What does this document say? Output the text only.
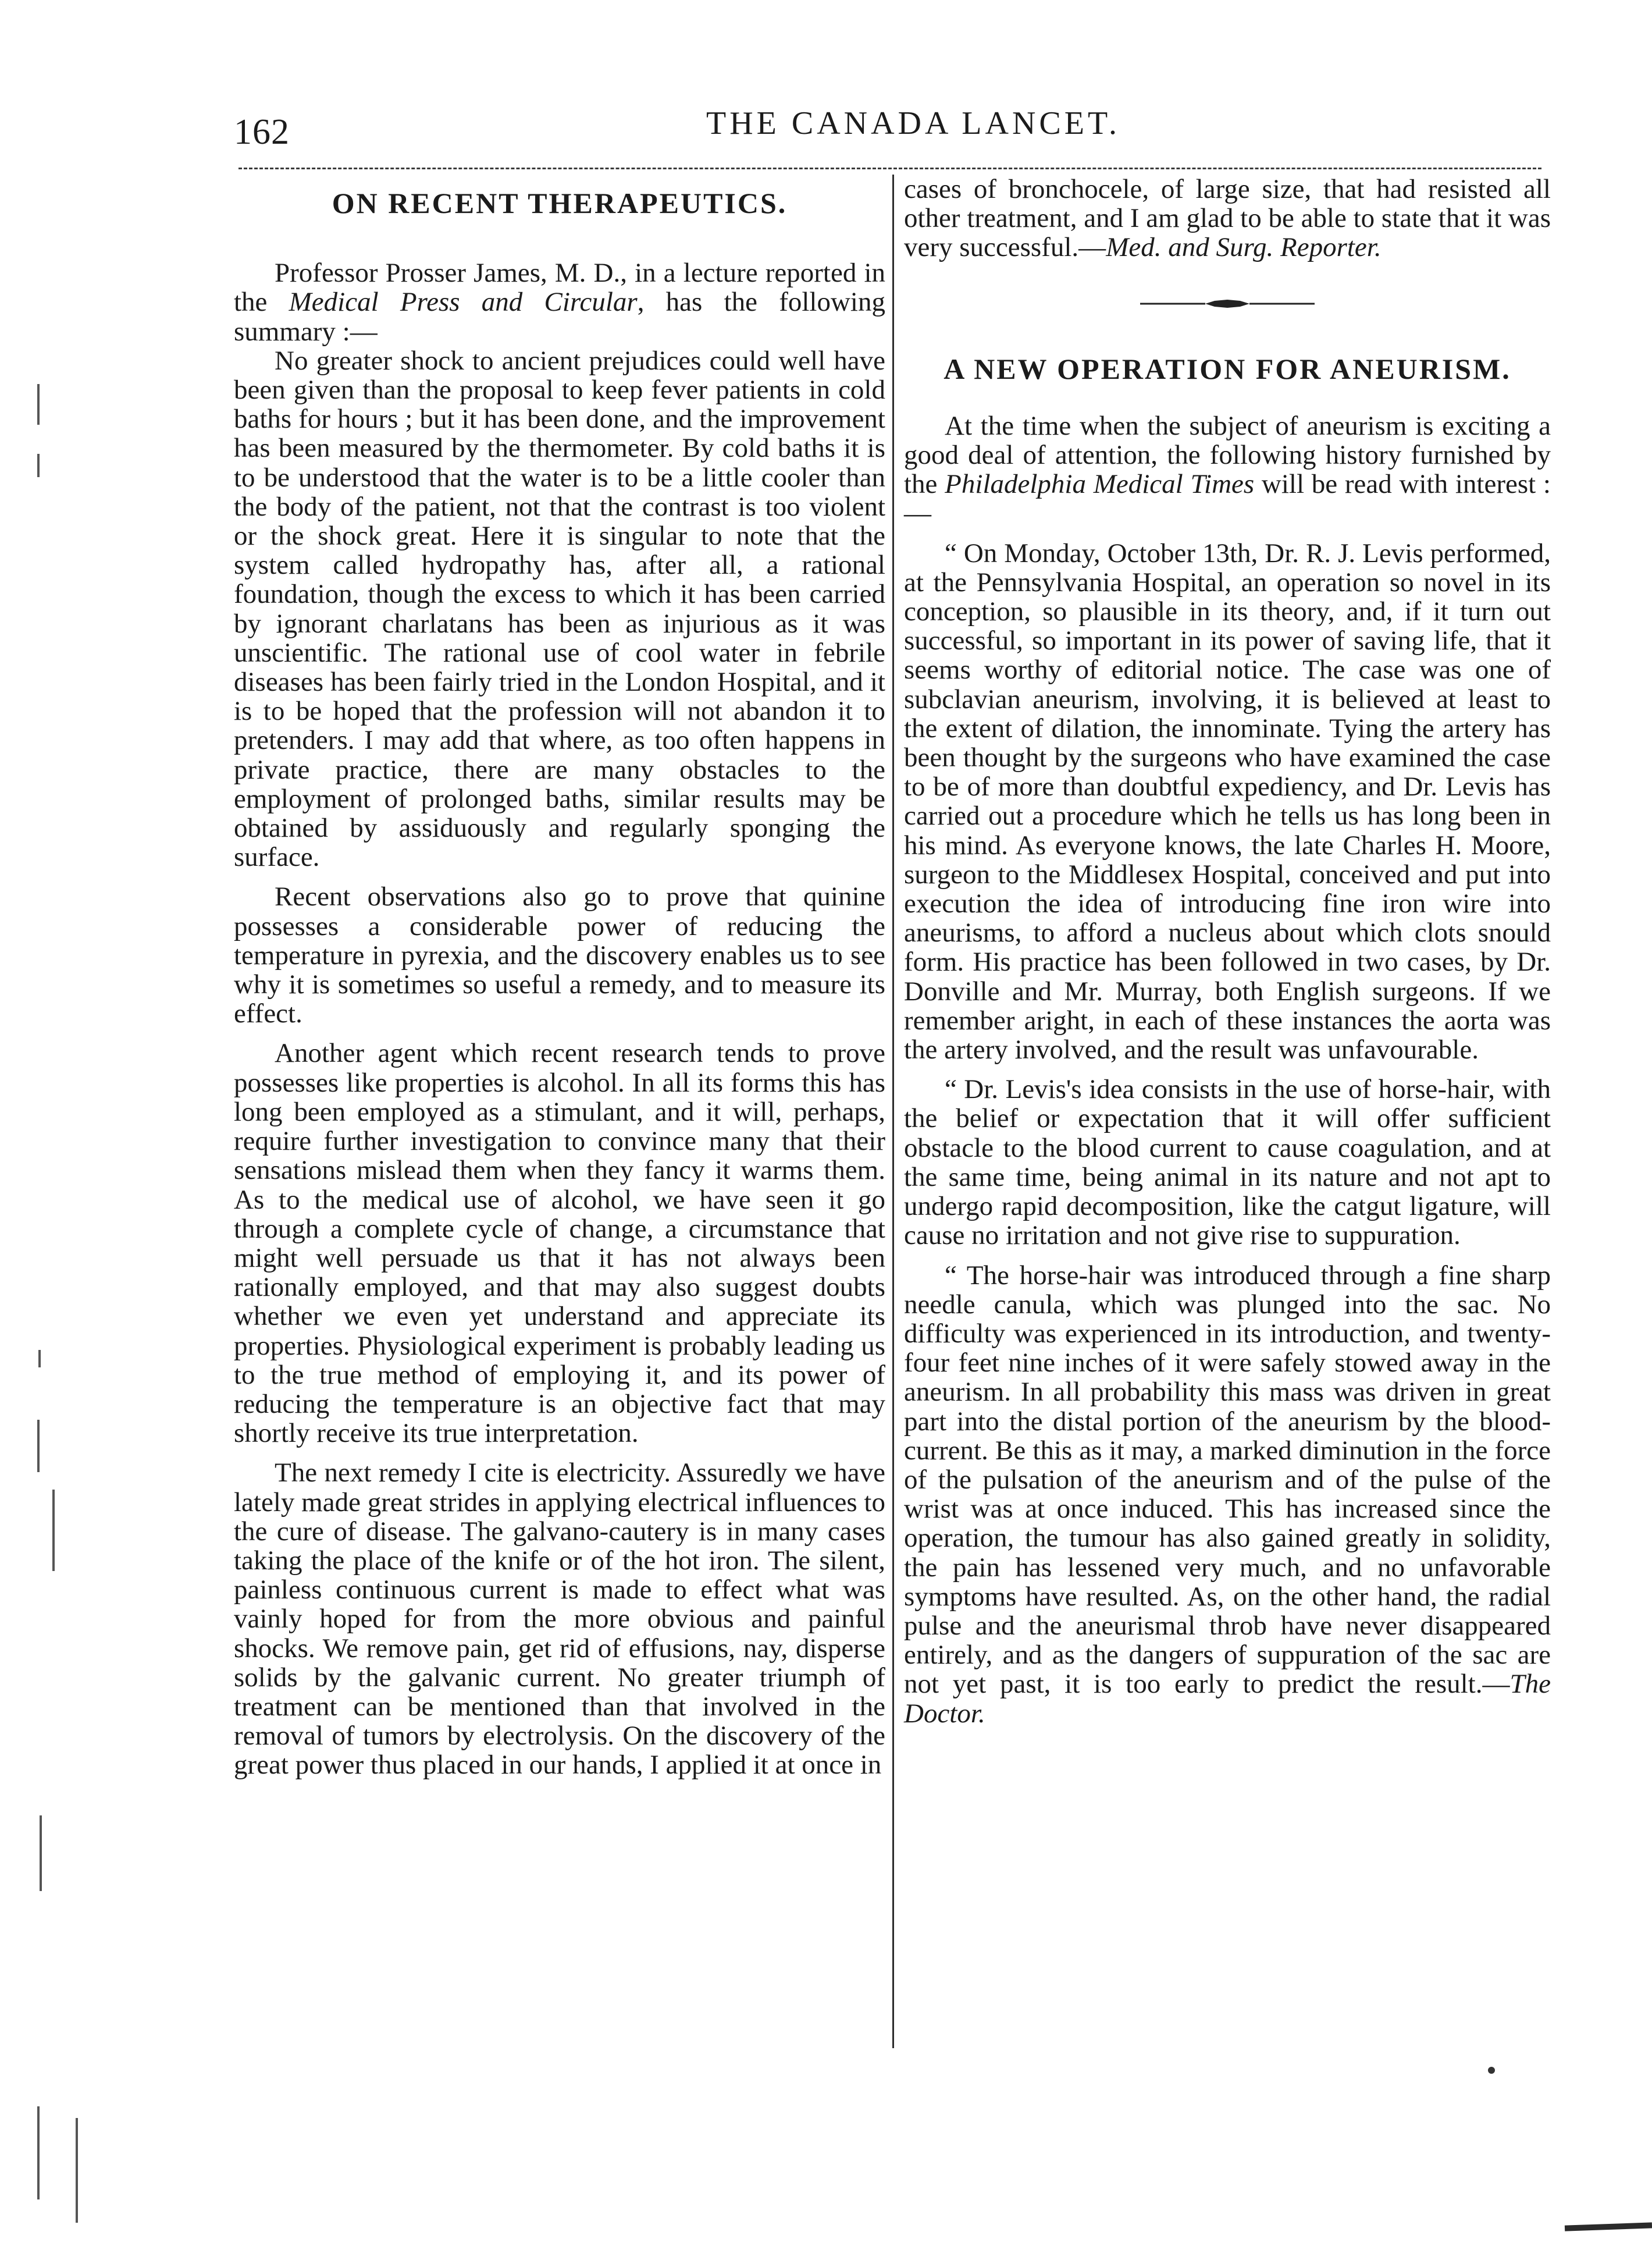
162	THE CANADA LANCET.
ON RECENT THERAPEUTICS.

Professor Prosser James, M. D., in a lecture reported in the Medical Press and Circular, has the following summary :—

No greater shock to ancient prejudices could well have been given than the proposal to keep fever patients in cold baths for hours ; but it has been done, and the improvement has been measured by the thermometer. By cold baths it is to be understood that the water is to be a little cooler than the body of the patient, not that the contrast is too violent or the shock great. Here it is singular to note that the system called hydropathy has, after all, a rational foundation, though the excess to which it has been carried by ignorant charlatans has been as injurious as it was unscientific. The rational use of cool water in febrile diseases has been fairly tried in the London Hospital, and it is to be hoped that the profession will not abandon it to pretenders. I may add that where, as too often happens in private practice, there are many obstacles to the employment of prolonged baths, similar results may be obtained by assiduously and regularly sponging the surface.

Recent observations also go to prove that quinine possesses a considerable power of reducing the temperature in pyrexia, and the discovery enables us to see why it is sometimes so useful a remedy, and to measure its effect.

Another agent which recent research tends to prove possesses like properties is alcohol. In all its forms this has long been employed as a stimulant, and it will, perhaps, require further investigation to convince many that their sensations mislead them when they fancy it warms them. As to the medical use of alcohol, we have seen it go through a complete cycle of change, a circumstance that might well persuade us that it has not always been rationally employed, and that may also suggest doubts whether we even yet understand and appreciate its properties. Physiological experiment is probably leading us to the true method of employing it, and its power of reducing the temperature is an objective fact that may shortly receive its true interpretation.

The next remedy I cite is electricity. Assuredly we have lately made great strides in applying electrical influences to the cure of disease. The galvano-cautery is in many cases taking the place of the knife or of the hot iron. The silent, painless continuous current is made to effect what was vainly hoped for from the more obvious and painful shocks. We remove pain, get rid of effusions, nay, disperse solids by the galvanic current. No greater triumph of treatment can be mentioned than that involved in the removal of tumors by electrolysis. On the discovery of the great power thus placed in our hands, I applied it at once in

cases of bronchocele, of large size, that had resisted all other treatment, and I am glad to be able to state that it was very successful.—Med. and Surg. Reporter.

A NEW OPERATION FOR ANEURISM.

At the time when the subject of aneurism is exciting a good deal of attention, the following history furnished by the Philadelphia Medical Times will be read with interest :—

“ On Monday, October 13th, Dr. R. J. Levis performed, at the Pennsylvania Hospital, an operation so novel in its conception, so plausible in its theory, and, if it turn out successful, so important in its power of saving life, that it seems worthy of editorial notice. The case was one of subclavian aneurism, involving, it is believed at least to the extent of dilation, the innominate. Tying the artery has been thought by the surgeons who have examined the case to be of more than doubtful expediency, and Dr. Levis has carried out a procedure which he tells us has long been in his mind. As everyone knows, the late Charles H. Moore, surgeon to the Middlesex Hospital, conceived and put into execution the idea of introducing fine iron wire into aneurisms, to afford a nucleus about which clots snould form. His practice has been followed in two cases, by Dr. Donville and Mr. Murray, both English surgeons. If we remember aright, in each of these instances the aorta was the artery involved, and the result was unfavourable.

“ Dr. Levis's idea consists in the use of horse-hair, with the belief or expectation that it will offer sufficient obstacle to the blood current to cause coagulation, and at the same time, being animal in its nature and not apt to undergo rapid decomposition, like the catgut ligature, will cause no irritation and not give rise to suppuration.

“ The horse-hair was introduced through a fine sharp needle canula, which was plunged into the sac. No difficulty was experienced in its introduction, and twenty-four feet nine inches of it were safely stowed away in the aneurism. In all probability this mass was driven in great part into the distal portion of the aneurism by the blood-current. Be this as it may, a marked diminution in the force of the pulsation of the aneurism and of the pulse of the wrist was at once induced. This has increased since the operation, the tumour has also gained greatly in solidity, the pain has lessened very much, and no unfavorable symptoms have resulted. As, on the other hand, the radial pulse and the aneurismal throb have never disappeared entirely, and as the dangers of suppuration of the sac are not yet past, it is too early to predict the result.—The Doctor.
